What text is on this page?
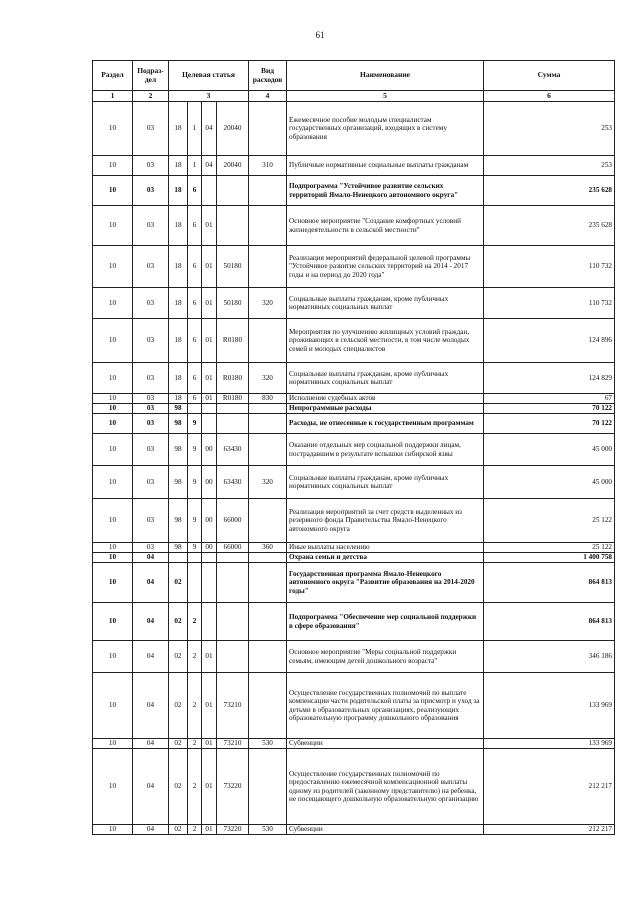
61
Раздел	Подраз-дел	Целевая статья				Вид расходов	Наименование	Сумма
1	2	3				4	5	6
10	03	18	1	04	20040		Ежемесячное пособие молодым специалистам государственных организаций, входящих в систему образования	253
10	03	18	1	04	20040	310	Публичные нормативные социальные выплаты гражданам	253
10	03	18	6				Подпрограмма "Устойчивое развитие сельских территорий Ямало-Ненецкого автономного округа"	235 628
10	03	18	6	01			Основное мероприятие "Создание комфортных условий жизнедеятельности в сельской местности"	235 628
10	03	18	6	01	50180		Реализация мероприятий федеральной целевой программы "Устойчивое развитие сельских территорий на 2014 - 2017 годы и на период до 2020 года"	110 732
10	03	18	6	01	50180	320	Социальные выплаты гражданам, кроме публичных нормативных социальных выплат	110 732
10	03	18	6	01	R0180		Мероприятия по улучшению жилищных условий граждан, проживающих в сельской местности, в том числе молодых семей и молодых специалистов	124 896
10	03	18	6	01	R0180	320	Социальные выплаты гражданам, кроме публичных нормативных социальных выплат	124 829
10	03	18	6	01	R0180	830	Исполнение судебных актов	67
10	03	98					Непрограммные расходы	70 122
10	03	98	9				Расходы, не отнесенные к государственным программам	70 122
10	03	98	9	00	63430		Оказание отдельных мер социальной поддержки лицам, пострадавшим в результате вспышки сибирской язвы	45 000
10	03	98	9	00	63430	320	Социальные выплаты гражданам, кроме публичных нормативных социальных выплат	45 000
10	03	98	9	00	66000		Реализация мероприятий за счет средств выделенных из резервного фонда Правительства Ямало-Ненецкого автономного округа	25 122
10	03	98	9	00	66000	360	Иные выплаты населению	25 122
10	04						Охрана семьи и детства	1 400 758
10	04	02					Государственная программа Ямало-Ненецкого автономного округа "Развитие образования на 2014-2020 годы"	864 813
10	04	02	2				Подпрограмма "Обеспечение мер социальной поддержки в сфере образования"	864 813
10	04	02	2	01			Основное мероприятие "Меры социальной поддержки семьям, имеющим детей дошкольного возраста"	346 186
10	04	02	2	01	73210		Осуществление государственных полномочий по выплате компенсации части родительской платы за присмотр и уход за детьми в образовательных организациях, реализующих образовательную программу дошкольного образования	133 969
10	04	02	2	01	73210	530	Субвенции	133 969
10	04	02	2	01	73220		Осуществление государственных полномочий по предоставлению ежемесячной компенсационной выплаты одному из родителей (законному представителю) на ребенка, не посещающего дошкольную образовательную организацию	212 217
10	04	02	2	01	73220	530	Субвенции	212 217
